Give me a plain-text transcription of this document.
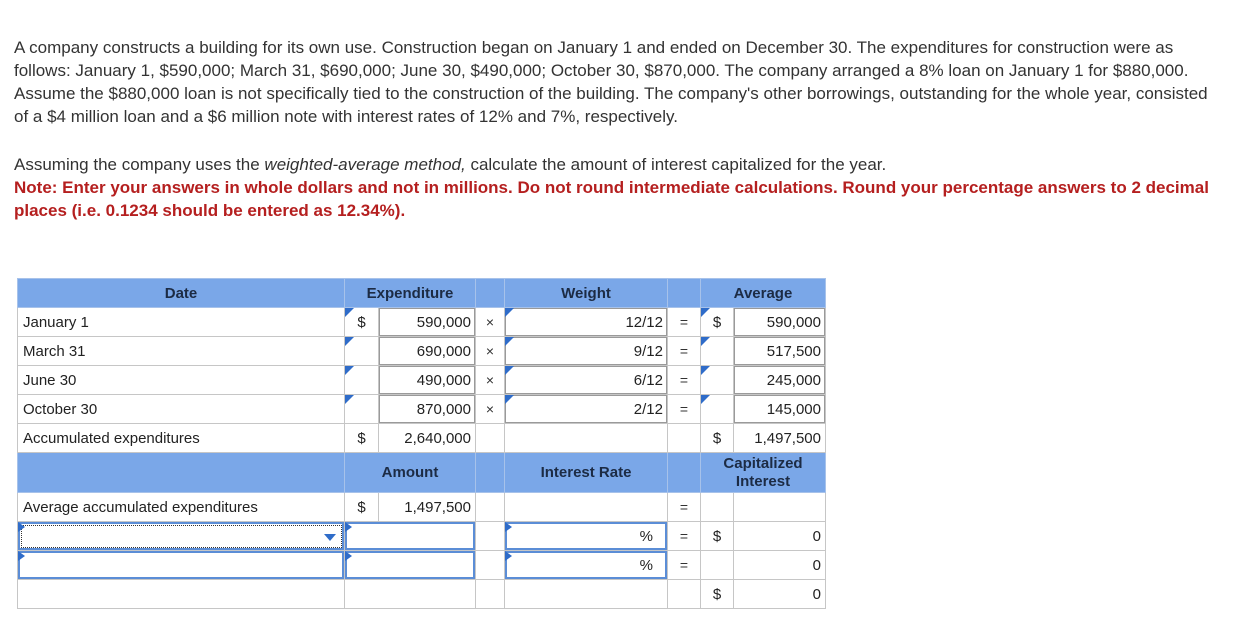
A company constructs a building for its own use. Construction began on January 1 and ended on December 30. The expenditures for construction were as follows: January 1, $590,000; March 31, $690,000; June 30, $490,000; October 30, $870,000. The company arranged a 8% loan on January 1 for $880,000. Assume the $880,000 loan is not specifically tied to the construction of the building. The company's other borrowings, outstanding for the whole year, consisted of a $4 million loan and a $6 million note with interest rates of 12% and 7%, respectively.

Assuming the company uses the weighted-average method, calculate the amount of interest capitalized for the year.

Note: Enter your answers in whole dollars and not in millions. Do not round intermediate calculations. Round your percentage answers to 2 decimal places (i.e. 0.1234 should be entered as 12.34%).

Date	Expenditure			Weight		Average	
January 1	$	590,000	×	12/12	=	$	590,000
March 31		690,000	×	9/12	=		517,500
June 30		490,000	×	6/12	=		245,000
October 30		870,000	×	2/12	=		145,000
Accumulated expenditures	$	2,640,000				$	1,497,500
	Amount			Interest Rate		Capitalized
Interest	
Average accumulated expenditures	$	1,497,500			=		

				%	=	$	0

				%	=		0
						$	0
